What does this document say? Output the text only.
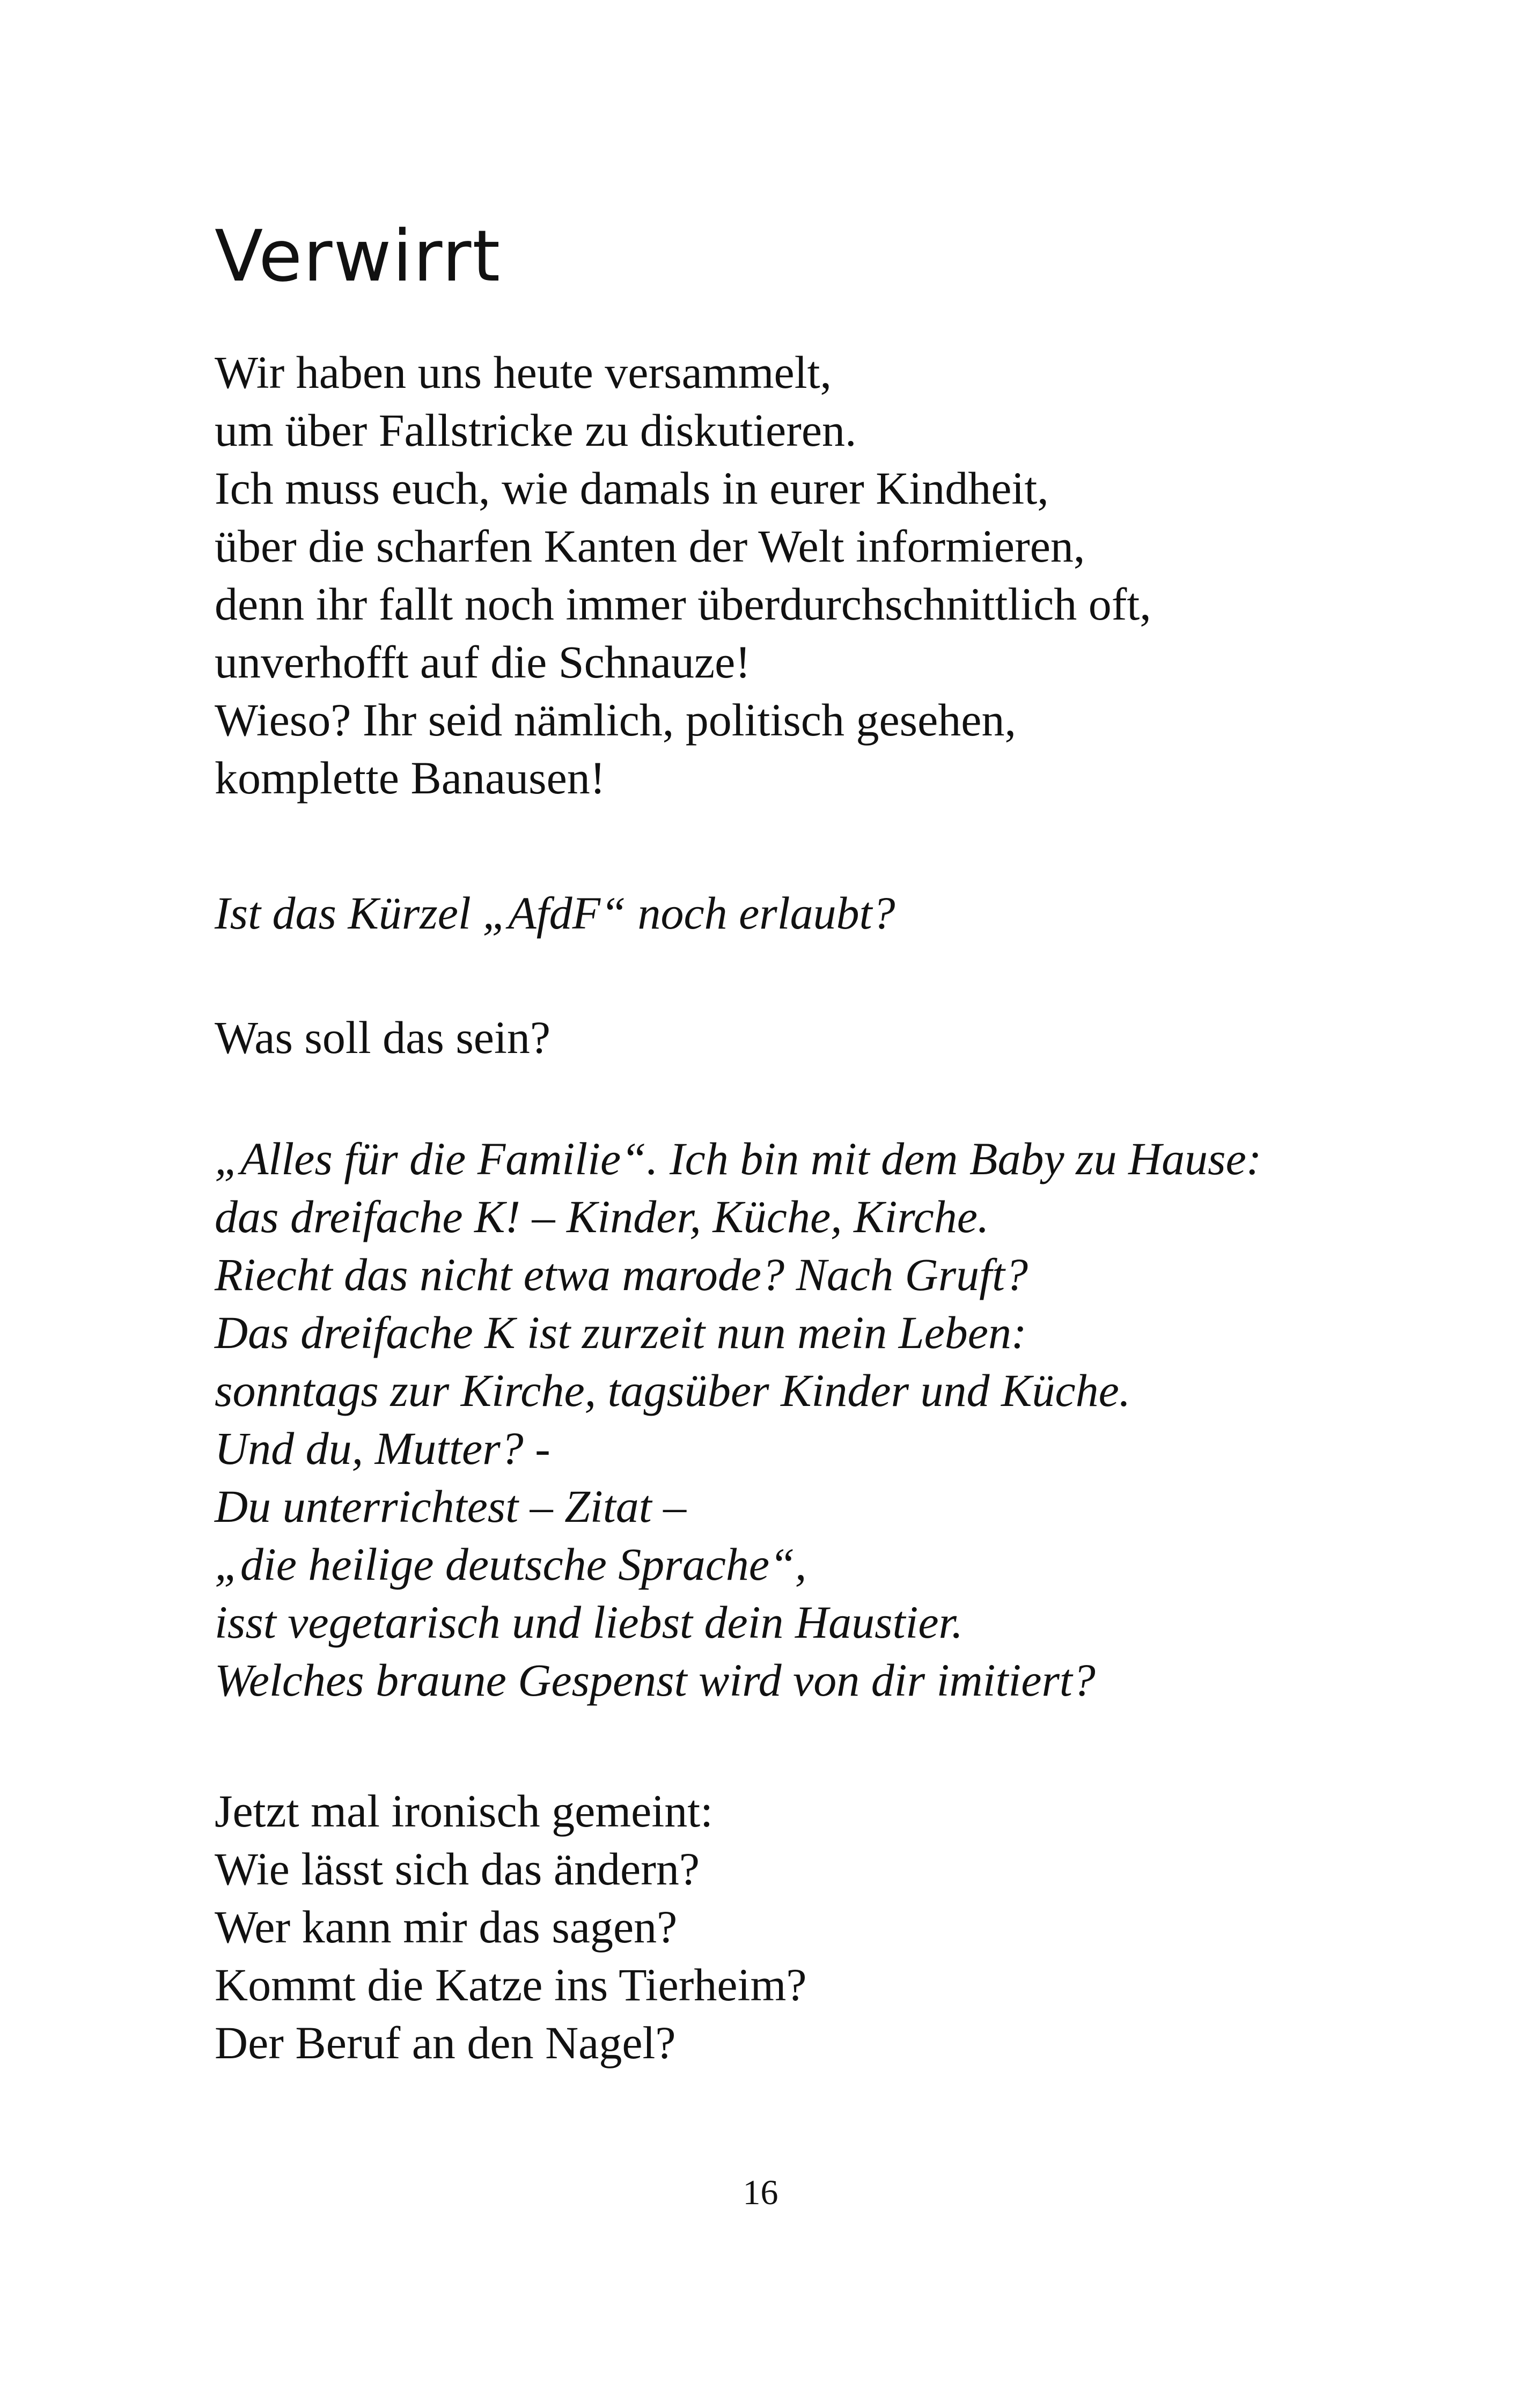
Verwirrt
Wir haben uns heute versammelt,
um über Fallstricke zu diskutieren.
Ich muss euch, wie damals in eurer Kindheit,
über die scharfen Kanten der Welt informieren,
denn ihr fallt noch immer überdurchschnittlich oft,
unverhofft auf die Schnauze!
Wieso? Ihr seid nämlich, politisch gesehen,
komplette Banausen!
Ist das Kürzel „AfdF“ noch erlaubt?
Was soll das sein?
„Alles für die Familie“. Ich bin mit dem Baby zu Hause:
das dreifache K! – Kinder, Küche, Kirche.
Riecht das nicht etwa marode? Nach Gruft?
Das dreifache K ist zurzeit nun mein Leben:
sonntags zur Kirche, tagsüber Kinder und Küche.
Und du, Mutter? -
Du unterrichtest – Zitat –
„die heilige deutsche Sprache“,
isst vegetarisch und liebst dein Haustier.
Welches braune Gespenst wird von dir imitiert?
Jetzt mal ironisch gemeint:
Wie lässt sich das ändern?
Wer kann mir das sagen?
Kommt die Katze ins Tierheim?
Der Beruf an den Nagel?
16
